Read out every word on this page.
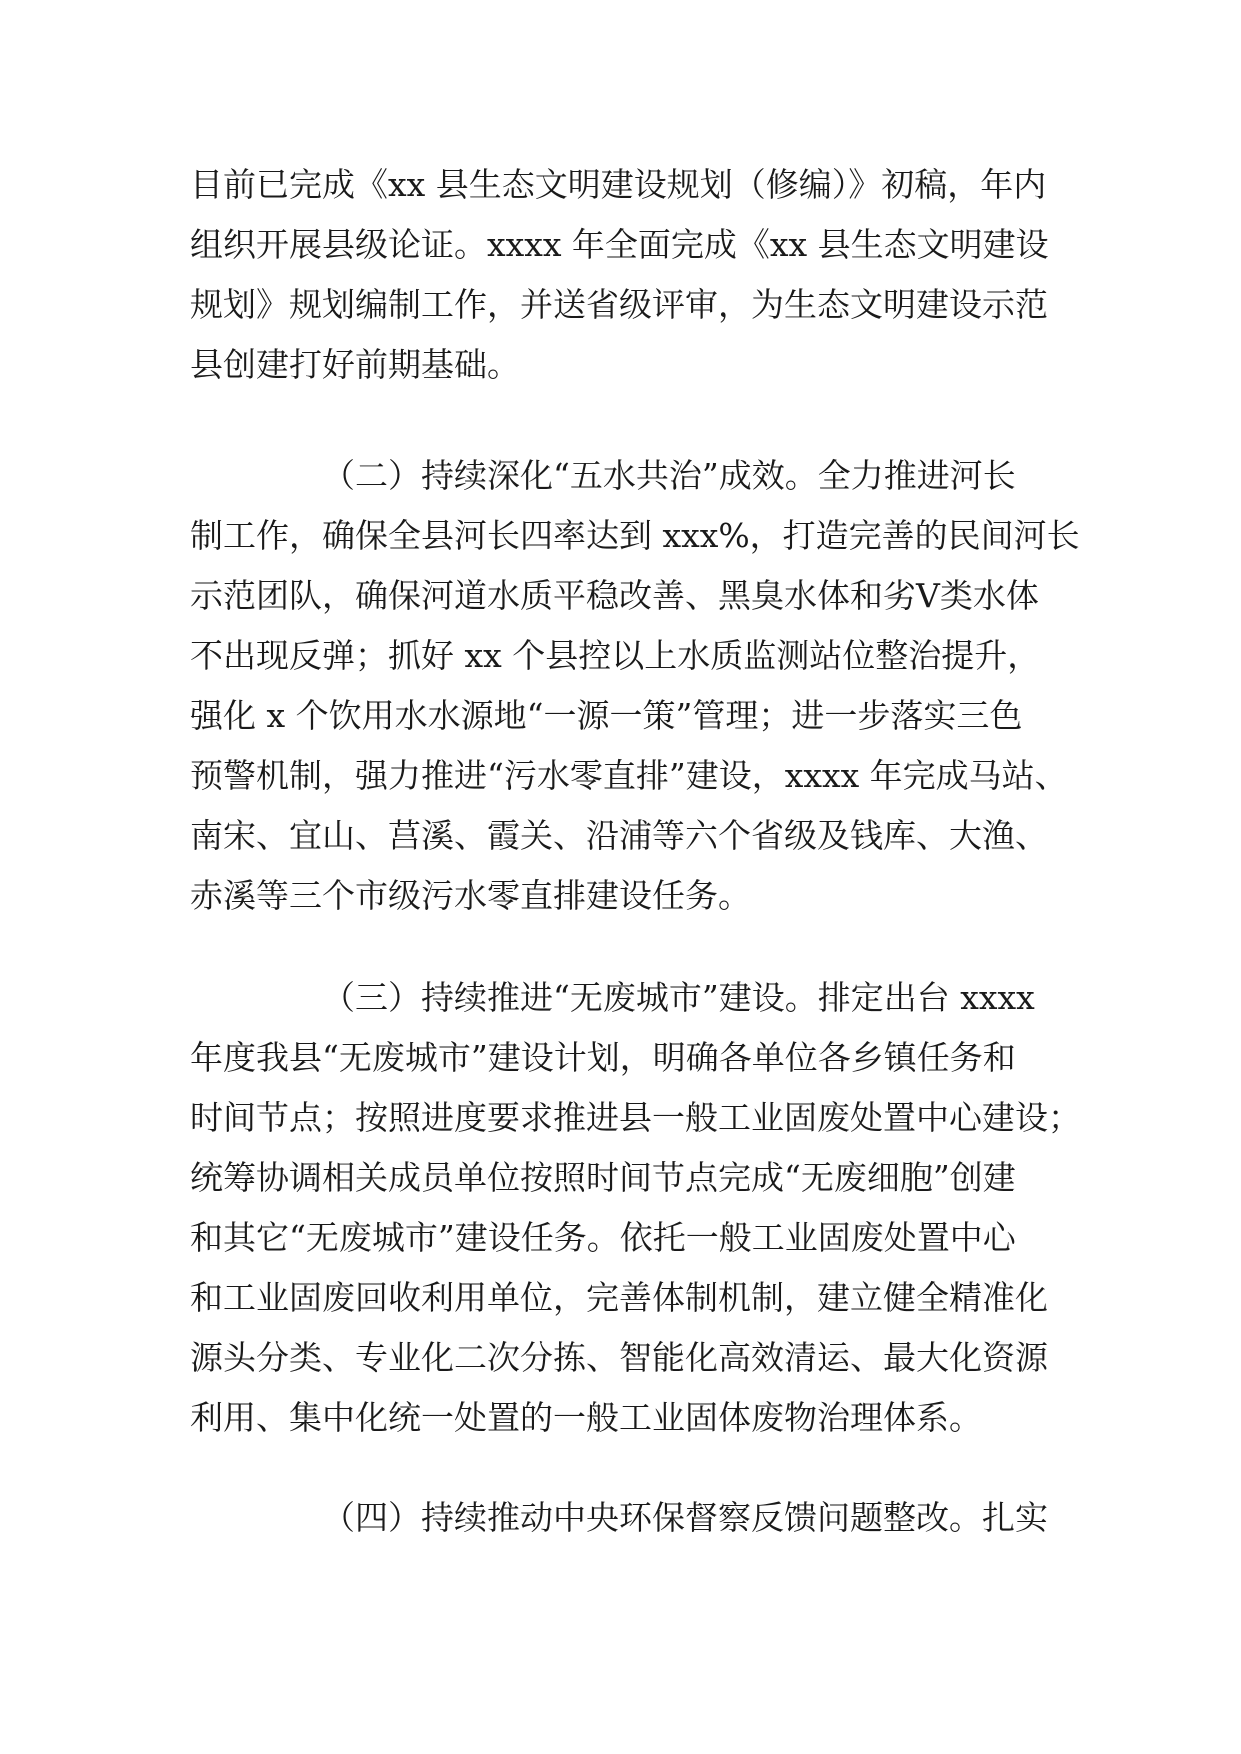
目前已完成《xx 县生态文明建设规划（修编）》初稿，年内
组织开展县级论证。xxxx 年全面完成《xx 县生态文明建设
规划》规划编制工作，并送省级评审，为生态文明建设示范
县创建打好前期基础。
（二）持续深化“五水共治”成效。全力推进河长
制工作，确保全县河长四率达到 xxx%，打造完善的民间河长
示范团队，确保河道水质平稳改善、黑臭水体和劣Ⅴ类水体
不出现反弹；抓好 xx 个县控以上水质监测站位整治提升，
强化 x 个饮用水水源地“一源一策”管理；进一步落实三色
预警机制，强力推进“污水零直排”建设，xxxx 年完成马站、
南宋、宜山、莒溪、霞关、沿浦等六个省级及钱库、大渔、
赤溪等三个市级污水零直排建设任务。
（三）持续推进“无废城市”建设。排定出台 xxxx
年度我县“无废城市”建设计划，明确各单位各乡镇任务和
时间节点；按照进度要求推进县一般工业固废处置中心建设；
统筹协调相关成员单位按照时间节点完成“无废细胞”创建
和其它“无废城市”建设任务。依托一般工业固废处置中心
和工业固废回收利用单位，完善体制机制，建立健全精准化
源头分类、专业化二次分拣、智能化高效清运、最大化资源
利用、集中化统一处置的一般工业固体废物治理体系。
（四）持续推动中央环保督察反馈问题整改。扎实
